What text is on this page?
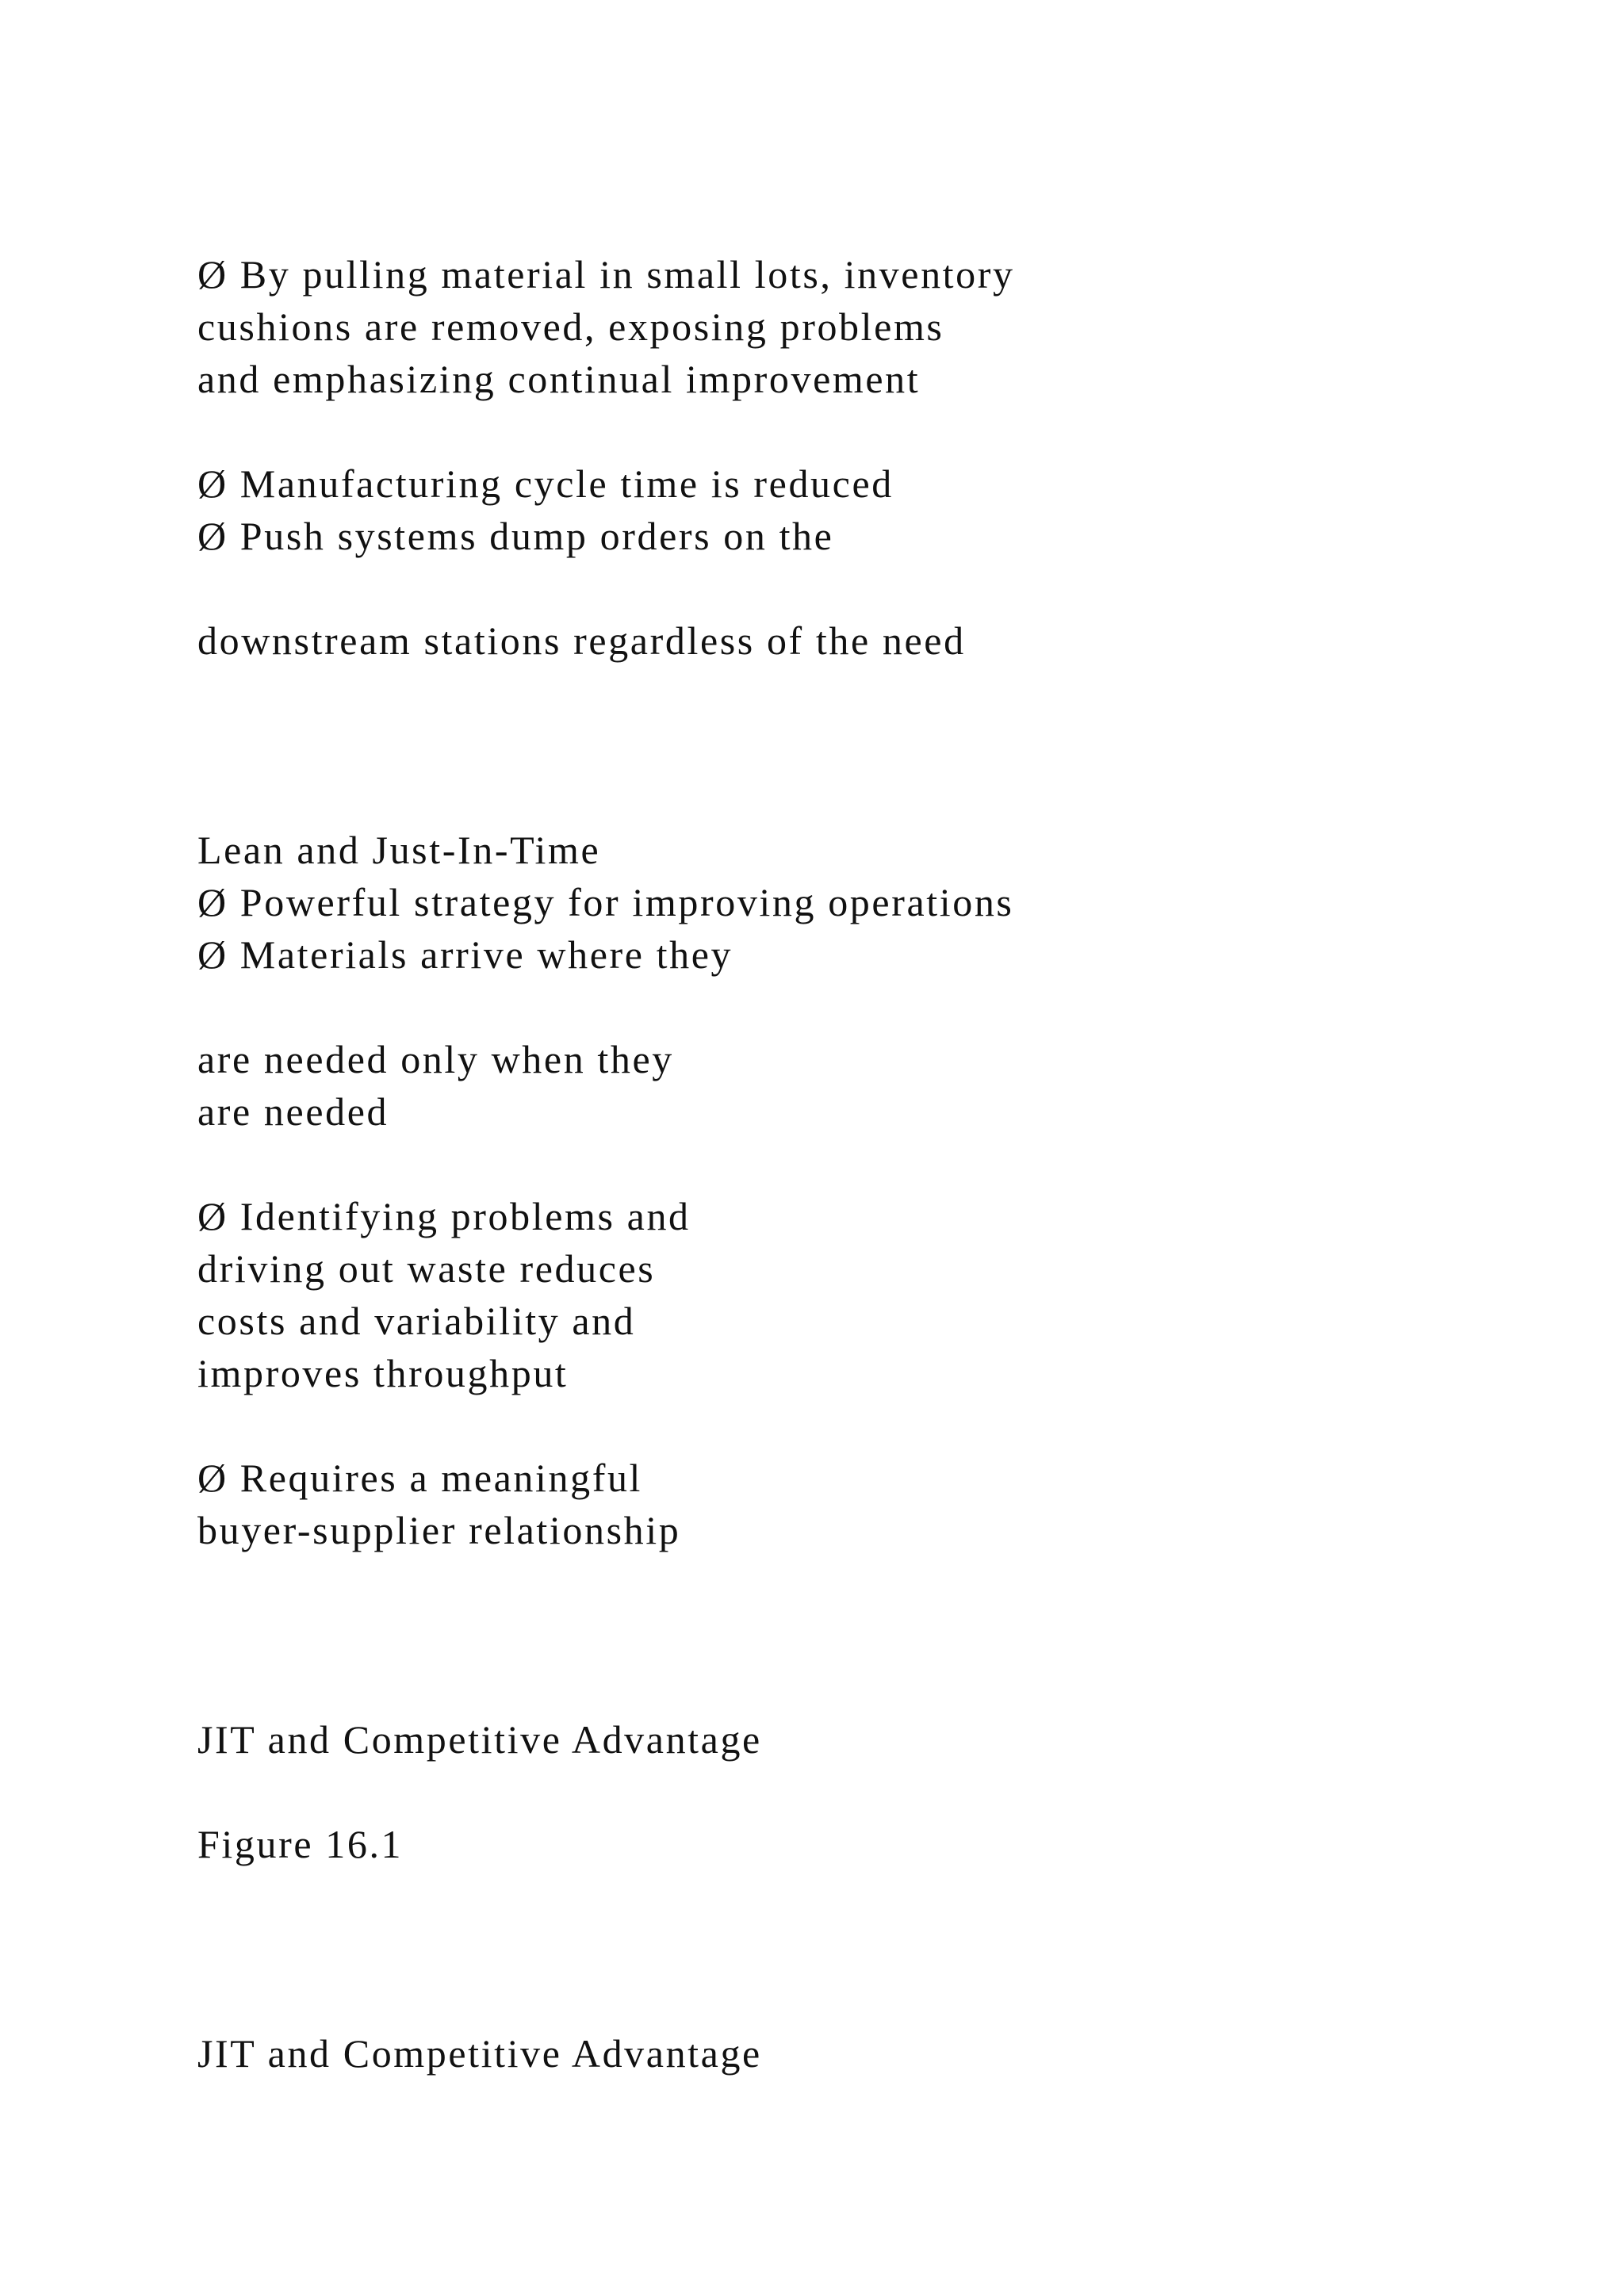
Ø By pulling material in small lots, inventory

cushions are removed, exposing problems

and emphasizing continual improvement

Ø Manufacturing cycle time is reduced

Ø Push systems dump orders on the

downstream stations regardless of the need

Lean and Just-In-Time

Ø Powerful strategy for improving operations

Ø Materials arrive where they

are needed only when they

are needed

Ø Identifying problems and

driving out waste reduces

costs and variability and

improves throughput

Ø Requires a meaningful

buyer-supplier relationship

JIT and Competitive Advantage

Figure 16.1

JIT and Competitive Advantage
